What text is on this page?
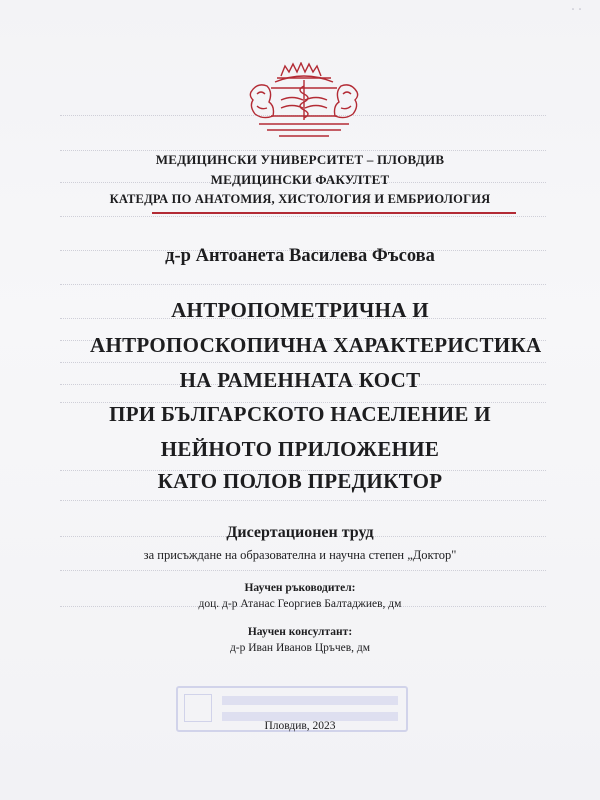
· ·
МЕДИЦИНСКИ УНИВЕРСИТЕТ – ПЛОВДИВ
МЕДИЦИНСКИ ФАКУЛТЕТ
КАТЕДРА ПО АНАТОМИЯ, ХИСТОЛОГИЯ И ЕМБРИОЛОГИЯ
д-р Антоанета Василева Фъсова
АНТРОПОМЕТРИЧНА И
АНТРОПОСКОПИЧНА ХАРАКТЕРИСТИКА
НА РАМЕННАТА КОСТ
ПРИ БЪЛГАРСКОТО НАСЕЛЕНИЕ И
НЕЙНОТО ПРИЛОЖЕНИЕ
КАТО ПОЛОВ ПРЕДИКТОР
Дисертационен труд
за присъждане на образователна и научна степен „Доктор"
Научен ръководител:
доц. д-р Атанас Георгиев Балтаджиев, дм
Научен консултант:
д-р Иван Иванов Цръчев, дм
Пловдив, 2023
